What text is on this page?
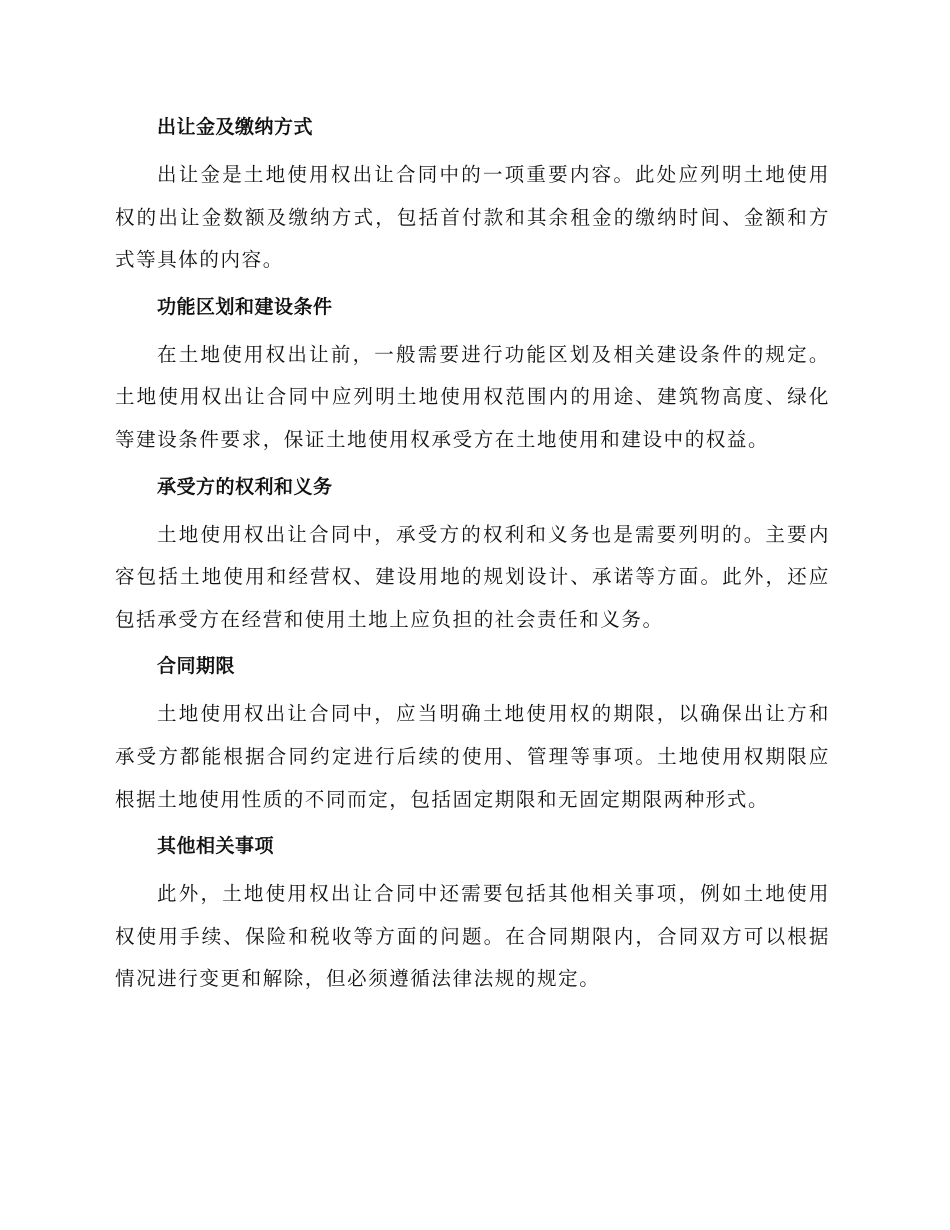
出让金及缴纳方式

出让金是土地使用权出让合同中的一项重要内容。此处应列明土地使用权的出让金数额及缴纳方式，包括首付款和其余租金的缴纳时间、金额和方式等具体的内容。

功能区划和建设条件

在土地使用权出让前，一般需要进行功能区划及相关建设条件的规定。土地使用权出让合同中应列明土地使用权范围内的用途、建筑物高度、绿化等建设条件要求，保证土地使用权承受方在土地使用和建设中的权益。

承受方的权利和义务

土地使用权出让合同中，承受方的权利和义务也是需要列明的。主要内容包括土地使用和经营权、建设用地的规划设计、承诺等方面。此外，还应包括承受方在经营和使用土地上应负担的社会责任和义务。

合同期限

土地使用权出让合同中，应当明确土地使用权的期限，以确保出让方和承受方都能根据合同约定进行后续的使用、管理等事项。土地使用权期限应根据土地使用性质的不同而定，包括固定期限和无固定期限两种形式。

其他相关事项

此外，土地使用权出让合同中还需要包括其他相关事项，例如土地使用权使用手续、保险和税收等方面的问题。在合同期限内，合同双方可以根据情况进行变更和解除，但必须遵循法律法规的规定。
